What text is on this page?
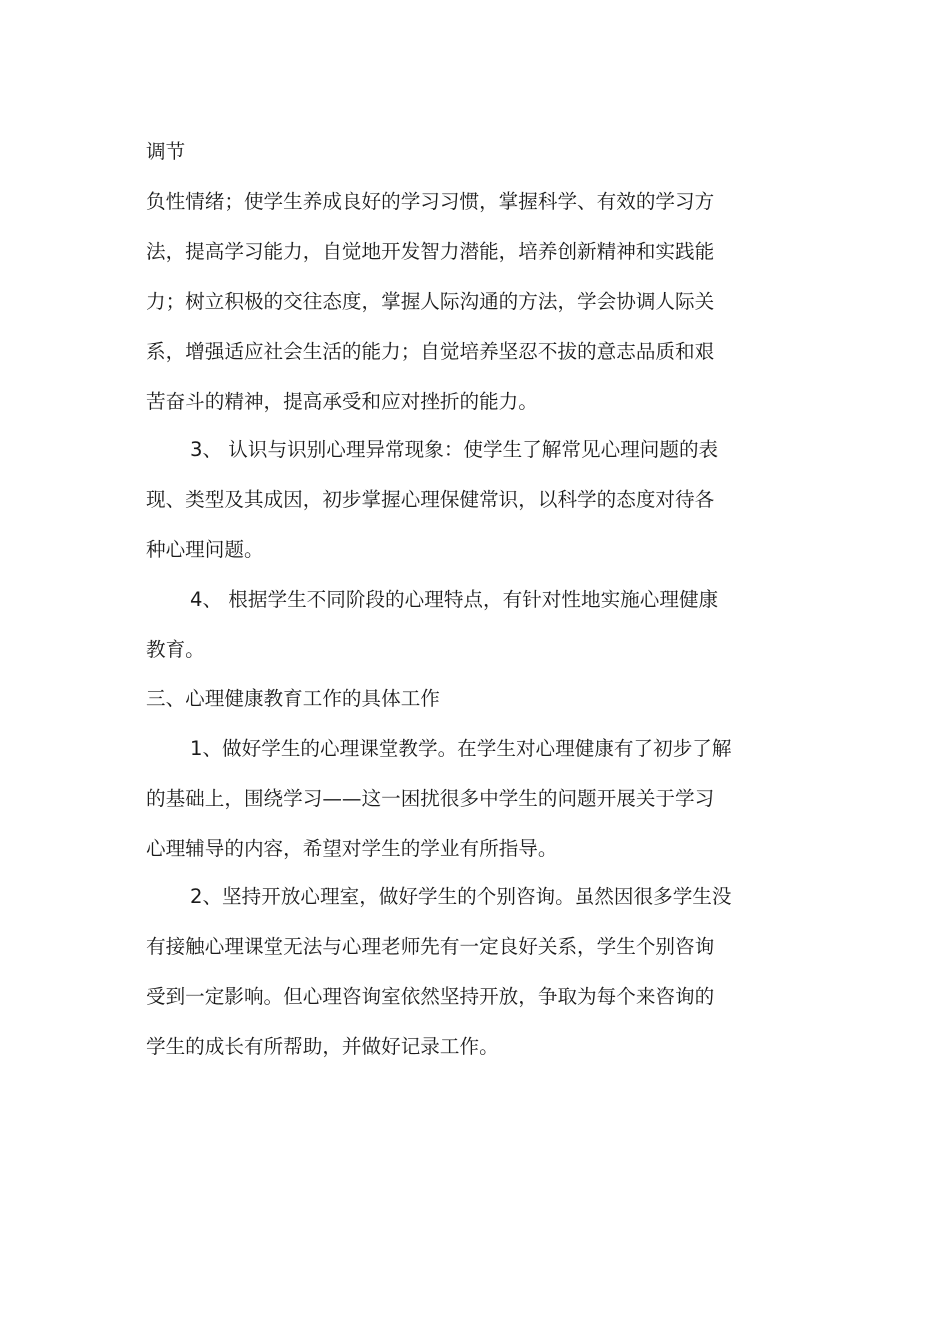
调节
负性情绪；使学生养成良好的学习习惯，掌握科学、有效的学习方
法，提高学习能力，自觉地开发智力潜能，培养创新精神和实践能
力；树立积极的交往态度，掌握人际沟通的方法，学会协调人际关
系，增强适应社会生活的能力；自觉培养坚忍不拔的意志品质和艰
苦奋斗的精神，提高承受和应对挫折的能力。
3、 认识与识别心理异常现象：使学生了解常见心理问题的表
现、类型及其成因，初步掌握心理保健常识，以科学的态度对待各
种心理问题。
4、 根据学生不同阶段的心理特点，有针对性地实施心理健康
教育。
三、心理健康教育工作的具体工作
1、做好学生的心理课堂教学。在学生对心理健康有了初步了解
的基础上，围绕学习——这一困扰很多中学生的问题开展关于学习
心理辅导的内容，希望对学生的学业有所指导。
2、坚持开放心理室，做好学生的个别咨询。虽然因很多学生没
有接触心理课堂无法与心理老师先有一定良好关系，学生个别咨询
受到一定影响。但心理咨询室依然坚持开放，争取为每个来咨询的
学生的成长有所帮助，并做好记录工作。
